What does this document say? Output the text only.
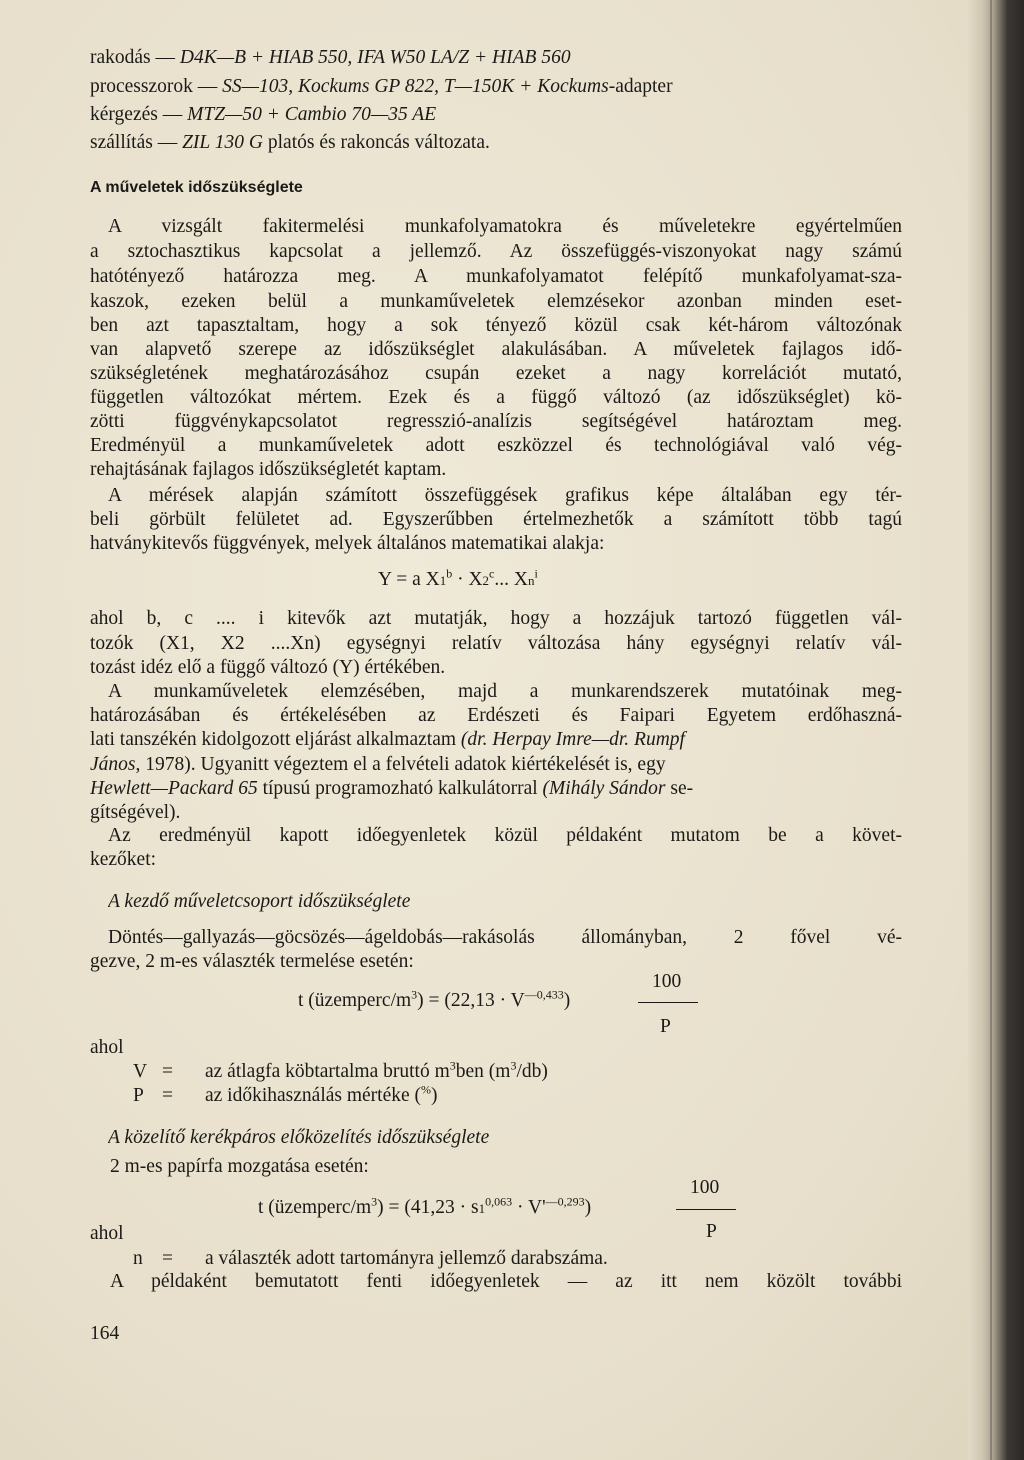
rakodás — D4K—B + HIAB 550, IFA W50 LA/Z + HIAB 560
processzorok — SS—103, Kockums GP 822, T—150K + Kockums-adapter
kérgezés — MTZ—50 + Cambio 70—35 AE
szállítás — ZIL 130 G platós és rakoncás változata.
A műveletek időszükséglete
A vizsgált fakitermelési munkafolyamatokra és műveletekre egyértelműen
a sztochasztikus kapcsolat a jellemző. Az összefüggés-viszonyokat nagy számú
hatótényező határozza meg. A munkafolyamatot felépítő munkafolyamat-sza-
kaszok, ezeken belül a munkaműveletek elemzésekor azonban minden eset-
ben azt tapasztaltam, hogy a sok tényező közül csak két-három változónak
van alapvető szerepe az időszükséglet alakulásában. A műveletek fajlagos idő-
szükségletének meghatározásához csupán ezeket a nagy korrelációt mutató,
független változókat mértem. Ezek és a függő változó (az időszükséglet) kö-
zötti függvénykapcsolatot regresszió-analízis segítségével határoztam meg.
Eredményül a munkaműveletek adott eszközzel és technológiával való vég-
rehajtásának fajlagos időszükségletét kaptam.
A mérések alapján számított összefüggések grafikus képe általában egy tér-
beli görbült felületet ad. Egyszerűbben értelmezhetők a számított több tagú
hatványkitevős függvények, melyek általános matematikai alakja:
Y = a $X1^b \cdot X2^c$... Xn$^i$
ahol b, c .... i kitevők azt mutatják, hogy a hozzájuk tartozó független vál-
tozók (X1, X2 ....Xn) egységnyi relatív változása hány egységnyi relatív vál-
tozást idéz elő a függő változó (Y) értékében.
A munkaműveletek elemzésében, majd a munkarendszerek mutatóinak meg-
határozásában és értékelésében az Erdészeti és Faipari Egyetem erdőhaszná-
lati tanszékén kidolgozott eljárást alkalmaztam (dr. Herpay Imre—dr. Rumpf
János, 1978). Ugyanitt végeztem el a felvételi adatok kiértékelését is, egy
Hewlett—Packard 65 típusú programozható kalkulátorral (Mihály Sándor se-
gítségével).
Az eredményül kapott időegyenletek közül példaként mutatom be a követ-
kezőket:
A kezdő műveletcsoport időszükséglete
Döntés—gallyazás—göcsözés—ágeldobás—rakásolás állományban, 2 fővel vé-
gezve, 2 m-es választék termelése esetén:
100
t $(üzemperc/m^3) = (22,13 \cdot V^{—0,433})$
P
ahol
V = az átlagfa köbtartalma bruttó $m^3ben$ $(m^3/db)$
P = az időkihasználás mértéke (%)
A közelítő kerékpáros előközelítés időszükséglete
2 m-es papírfa mozgatása esetén:
100
t $(üzemperc/m^3) = (41,23 \cdot s1^{0,063} \cdot V'^{—0,293})$
P
ahol
n = a választék adott tartományra jellemző darabszáma.
A példaként bemutatott fenti időegyenletek — az itt nem közölt további
164
